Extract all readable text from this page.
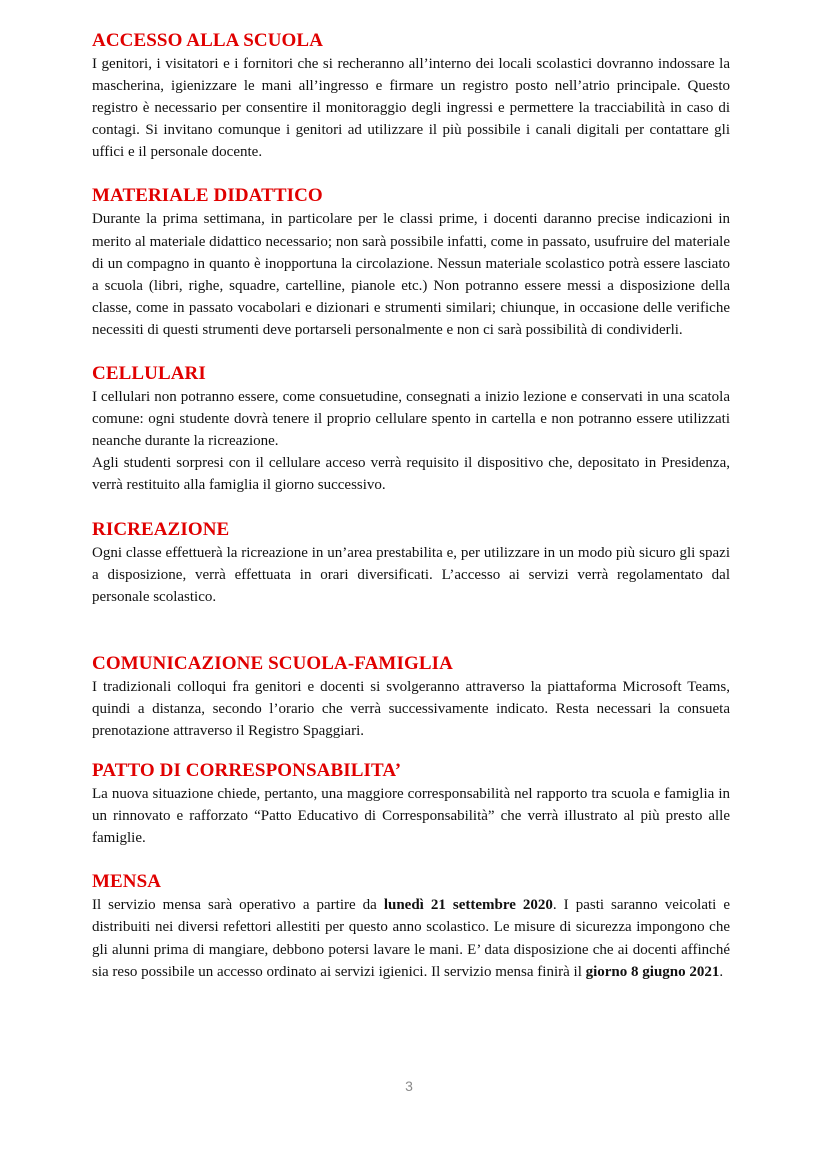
ACCESSO ALLA SCUOLA

I genitori, i visitatori e i fornitori che si recheranno all’interno dei locali scolastici dovranno indossare la mascherina, igienizzare le mani all’ingresso e firmare un registro posto nell’atrio principale. Questo registro è necessario per consentire il monitoraggio degli ingressi e permettere la tracciabilità in caso di contagi. Si invitano comunque i genitori ad utilizzare il più possibile i canali digitali per contattare gli uffici e il personale docente.

MATERIALE DIDATTICO

Durante la prima settimana, in particolare per le classi prime, i docenti daranno precise indicazioni in merito al materiale didattico necessario; non sarà possibile infatti, come in passato, usufruire del materiale di un compagno in quanto è inopportuna la circolazione. Nessun materiale scolastico potrà essere lasciato a scuola (libri, righe, squadre, cartelline, pianole etc.) Non potranno essere messi a disposizione della classe, come in passato vocabolari e dizionari e strumenti similari; chiunque, in occasione delle verifiche necessiti di questi strumenti deve portarseli personalmente e non ci sarà possibilità di condividerli.

CELLULARI

I cellulari non potranno essere, come consuetudine, consegnati a inizio lezione e conservati in una scatola comune: ogni studente dovrà tenere il proprio cellulare spento in cartella e non potranno essere utilizzati neanche durante la ricreazione.

Agli studenti sorpresi con il cellulare acceso verrà requisito il dispositivo che, depositato in Presidenza, verrà restituito alla famiglia il giorno successivo.

RICREAZIONE

Ogni classe effettuerà la ricreazione in un’area prestabilita e, per utilizzare in un modo più sicuro gli spazi a disposizione, verrà effettuata in orari diversificati. L’accesso ai servizi verrà regolamentato dal personale scolastico.

COMUNICAZIONE SCUOLA-FAMIGLIA

I tradizionali colloqui fra genitori e docenti si svolgeranno attraverso la piattaforma Microsoft Teams, quindi a distanza, secondo l’orario che verrà successivamente indicato. Resta necessari la consueta prenotazione attraverso il Registro Spaggiari.

PATTO DI CORRESPONSABILITA’

La nuova situazione chiede, pertanto, una maggiore corresponsabilità nel rapporto tra scuola e famiglia in un rinnovato e rafforzato “Patto Educativo di Corresponsabilità” che verrà illustrato al più presto alle famiglie.

MENSA

Il servizio mensa sarà operativo a partire da lunedì 21 settembre 2020. I pasti saranno veicolati e distribuiti nei diversi refettori allestiti per questo anno scolastico. Le misure di sicurezza impongono che gli alunni prima di mangiare, debbono potersi lavare le mani. E’ data disposizione che ai docenti affinché sia reso possibile un accesso ordinato ai servizi igienici. Il servizio mensa finirà il giorno 8 giugno 2021.

3
